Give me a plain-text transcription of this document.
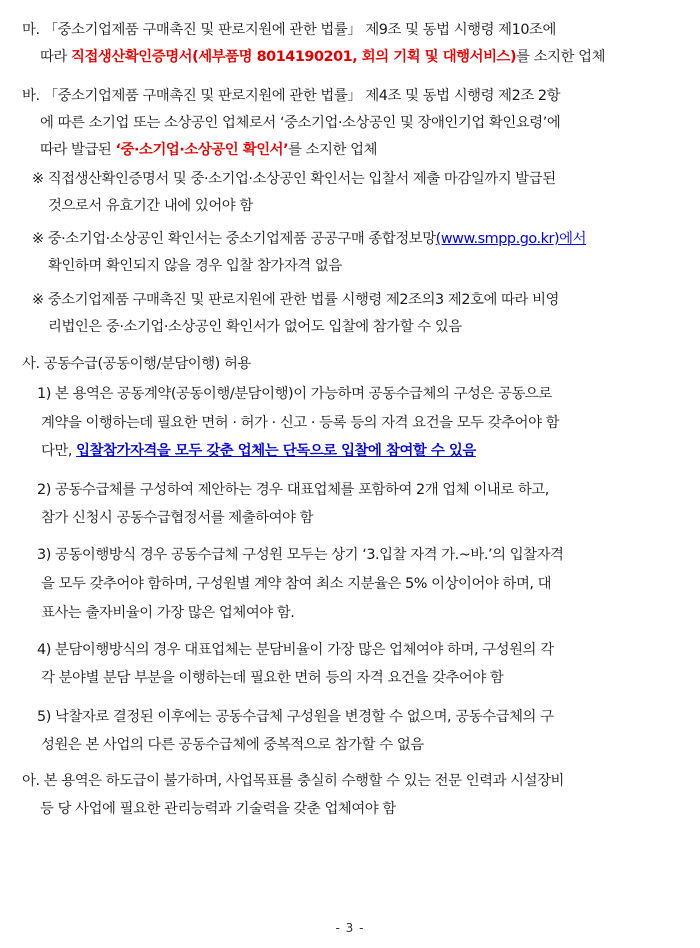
마. 「중소기업제품 구매촉진 및 판로지원에 관한 법률」 제9조 및 동법 시행령 제10조에
따라 직접생산확인증명서(세부품명 8014190201, 회의 기획 및 대행서비스)를 소지한 업체
바. 「중소기업제품 구매촉진 및 판로지원에 관한 법률」 제4조 및 동법 시행령 제2조 2항
에 따른 소기업 또는 소상공인 업체로서 ‘중소기업·소상공인 및 장애인기업 확인요령’에
따라 발급된 ‘중·소기업·소상공인 확인서’를 소지한 업체
※ 직접생산확인증명서 및 중·소기업·소상공인 확인서는 입찰서 제출 마감일까지 발급된
것으로서 유효기간 내에 있어야 함
※ 중·소기업·소상공인 확인서는 중소기업제품 공공구매 종합정보망(www.smpp.go.kr)에서
확인하며 확인되지 않을 경우 입찰 참가자격 없음
※ 중소기업제품 구매촉진 및 판로지원에 관한 법률 시행령 제2조의3 제2호에 따라 비영
리법인은 중·소기업·소상공인 확인서가 없어도 입찰에 참가할 수 있음
사. 공동수급(공동이행/분담이행) 허용
1) 본 용역은 공동계약(공동이행/분담이행)이 가능하며 공동수급체의 구성은 공동으로
계약을 이행하는데 필요한 면허 · 허가 · 신고 · 등록 등의 자격 요건을 모두 갖추어야 함
다만, 입찰참가자격을 모두 갖춘 업체는 단독으로 입찰에 참여할 수 있음
2) 공동수급체를 구성하여 제안하는 경우 대표업체를 포함하여 2개 업체 이내로 하고,
참가 신청시 공동수급협정서를 제출하여야 함
3) 공동이행방식 경우 공동수급체 구성원 모두는 상기 ‘3.입찰 자격 가.~바.’의 입찰자격
을 모두 갖추어야 함하며, 구성원별 계약 참여 최소 지분율은 5% 이상이어야 하며, 대
표사는 출자비율이 가장 많은 업체여야 함.
4) 분담이행방식의 경우 대표업체는 분담비율이 가장 많은 업체여야 하며, 구성원의 각
각 분야별 분담 부분을 이행하는데 필요한 면허 등의 자격 요건을 갖추어야 함
5) 낙찰자로 결정된 이후에는 공동수급체 구성원을 변경할 수 없으며, 공동수급체의 구
성원은 본 사업의 다른 공동수급체에 중복적으로 참가할 수 없음
아. 본 용역은 하도급이 불가하며, 사업목표를 충실히 수행할 수 있는 전문 인력과 시설장비
등 당 사업에 필요한 관리능력과 기술력을 갖춘 업체여야 함
- 3 -
